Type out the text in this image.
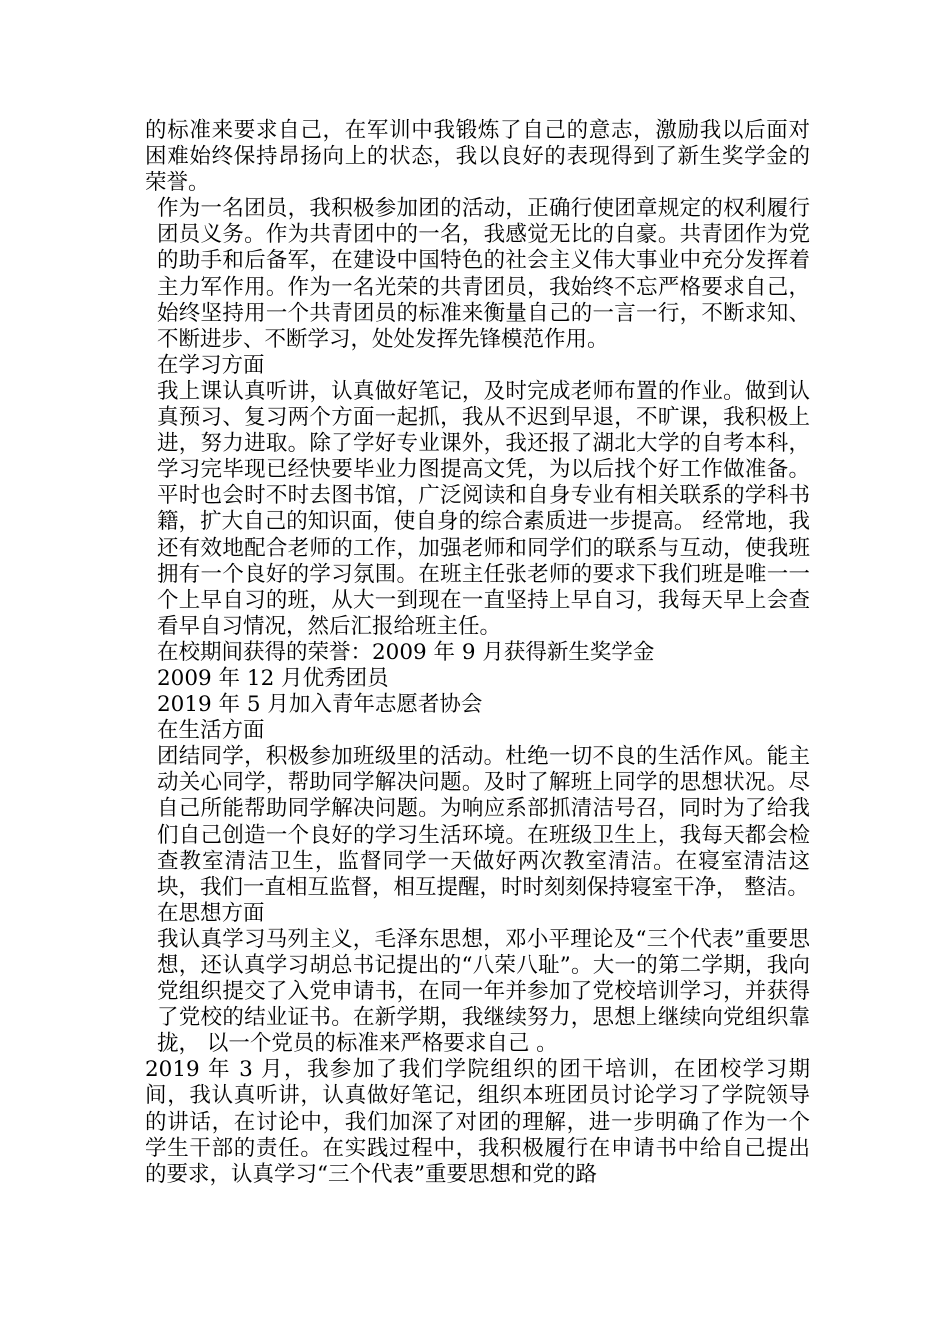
的标准来要求自己，在军训中我锻炼了自己的意志，激励我以后面对困难始终保持昂扬向上的状态，我以良好的表现得到了新生奖学金的荣誉。

作为一名团员，我积极参加团的活动，正确行使团章规定的权利履行团员义务。作为共青团中的一名，我感觉无比的自豪。共青团作为党的助手和后备军，在建设中国特色的社会主义伟大事业中充分发挥着主力军作用。作为一名光荣的共青团员，我始终不忘严格要求自己，始终坚持用一个共青团员的标准来衡量自己的一言一行，不断求知、不断进步、不断学习，处处发挥先锋模范作用。

在学习方面

我上课认真听讲，认真做好笔记，及时完成老师布置的作业。做到认真预习、复习两个方面一起抓，我从不迟到早退，不旷课，我积极上进，努力进取。除了学好专业课外，我还报了湖北大学的自考本科，学习完毕现已经快要毕业力图提高文凭，为以后找个好工作做准备。平时也会时不时去图书馆，广泛阅读和自身专业有相关联系的学科书籍，扩大自己的知识面，使自身的综合素质进一步提高。 经常地，我还有效地配合老师的工作，加强老师和同学们的联系与互动，使我班拥有一个良好的学习氛围。在班主任张老师的要求下我们班是唯一一个上早自习的班，从大一到现在一直坚持上早自习，我每天早上会查看早自习情况，然后汇报给班主任。

在校期间获得的荣誉：2009 年 9 月获得新生奖学金

2009 年 12 月优秀团员

2019 年 5 月加入青年志愿者协会

在生活方面

团结同学，积极参加班级里的活动。杜绝一切不良的生活作风。能主动关心同学，帮助同学解决问题。及时了解班上同学的思想状况。尽自己所能帮助同学解决问题。为响应系部抓清洁号召，同时为了给我们自己创造一个良好的学习生活环境。在班级卫生上，我每天都会检查教室清洁卫生，监督同学一天做好两次教室清洁。在寝室清洁这块，我们一直相互监督，相互提醒，时时刻刻保持寝室干净， 整洁。

在思想方面

我认真学习马列主义，毛泽东思想，邓小平理论及“三个代表”重要思想，还认真学习胡总书记提出的“八荣八耻”。大一的第二学期，我向党组织提交了入党申请书，在同一年并参加了党校培训学习，并获得了党校的结业证书。在新学期，我继续努力，思想上继续向党组织靠拢， 以一个党员的标准来严格要求自己 。

2019 年 3 月，我参加了我们学院组织的团干培训，在团校学习期间，我认真听讲，认真做好笔记，组织本班团员讨论学习了学院领导的讲话，在讨论中，我们加深了对团的理解，进一步明确了作为一个学生干部的责任。在实践过程中，我积极履行在申请书中给自己提出的要求，认真学习“三个代表”重要思想和党的路
